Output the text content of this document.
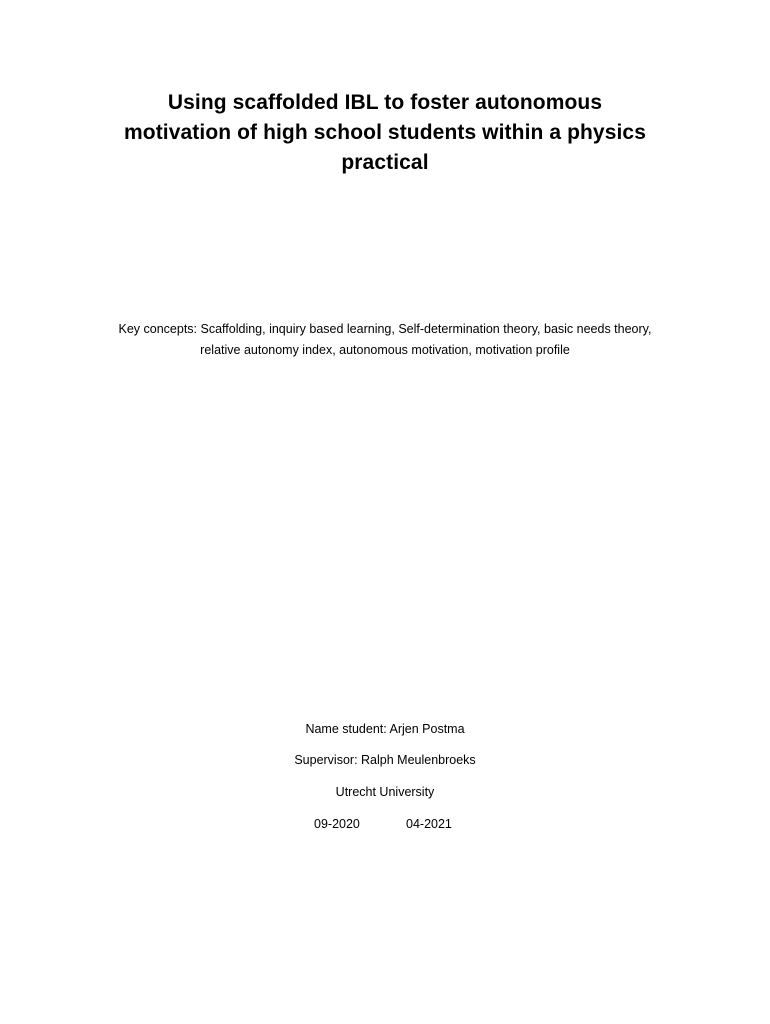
Using scaffolded IBL to foster autonomous
motivation of high school students within a physics
practical

Key concepts: Scaffolding, inquiry based learning, Self-determination theory, basic needs theory,
relative autonomy index, autonomous motivation, motivation profile

Name student: Arjen Postma

Supervisor: Ralph Meulenbroeks

Utrecht University

09-2020	04-2021
